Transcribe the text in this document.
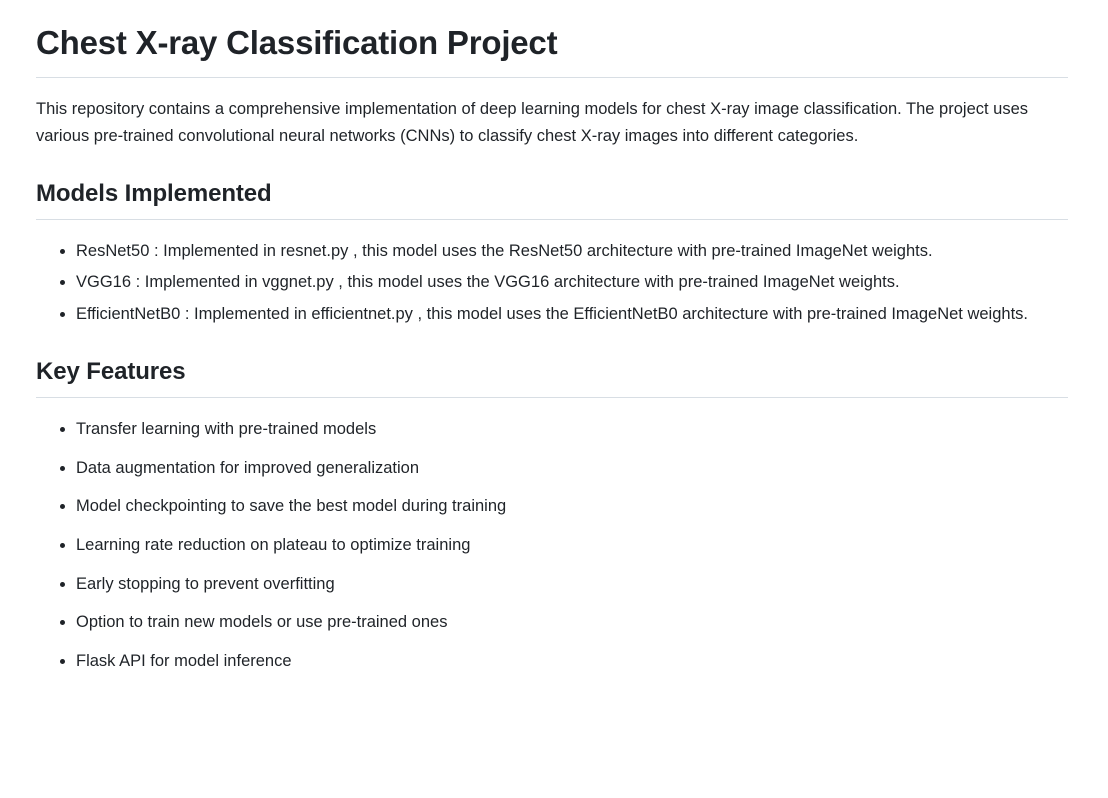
Chest X-ray Classification Project

This repository contains a comprehensive implementation of deep learning models for chest X-ray image classification. The project uses various pre-trained convolutional neural networks (CNNs) to classify chest X-ray images into different categories.

Models Implemented
• ResNet50 : Implemented in resnet.py , this model uses the ResNet50 architecture with pre-trained ImageNet weights.
• VGG16 : Implemented in vggnet.py , this model uses the VGG16 architecture with pre-trained ImageNet weights.
• EfficientNetB0 : Implemented in efficientnet.py , this model uses the EfficientNetB0 architecture with pre-trained ImageNet weights.
Key Features
• Transfer learning with pre-trained models
• Data augmentation for improved generalization
• Model checkpointing to save the best model during training
• Learning rate reduction on plateau to optimize training
• Early stopping to prevent overfitting
• Option to train new models or use pre-trained ones
• Flask API for model inference
